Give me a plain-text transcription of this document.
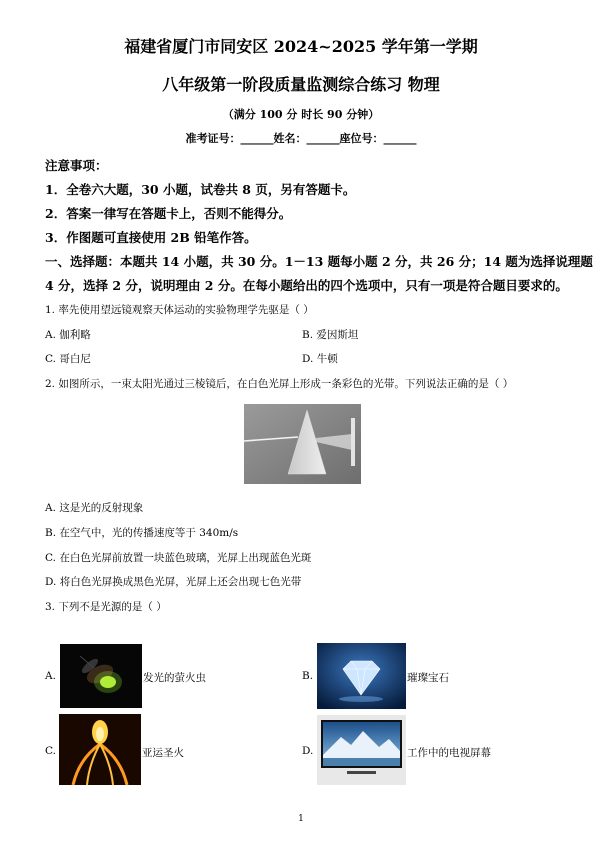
福建省厦门市同安区 2024~2025 学年第一学期
八年级第一阶段质量监测综合练习 物理
（满分 100 分 时长 90 分钟）
准考证号：______姓名：______座位号：______
注意事项：
1．全卷六大题，30 小题，试卷共 8 页，另有答题卡。
2．答案一律写在答题卡上，否则不能得分。
3．作图题可直接使用 2B 铅笔作答。
一、选择题：本题共 14 小题，共 30 分。1－13 题每小题 2 分，共 26 分；14 题为选择说理题
4 分，选择 2 分，说明理由 2 分。在每小题给出的四个选项中，只有一项是符合题目要求的。
1. 率先使用望远镜观察天体运动的实验物理学先驱是（ ）
A. 伽利略	B. 爱因斯坦
C. 哥白尼	D. 牛顿
2. 如图所示，一束太阳光通过三棱镜后，在白色光屏上形成一条彩色的光带。下列说法正确的是（ ）
A. 这是光的反射现象
B. 在空气中，光的传播速度等于 340m/s
C. 在白色光屏前放置一块蓝色玻璃，光屏上出现蓝色光斑
D. 将白色光屏换成黑色光屏，光屏上还会出现七色光带
3. 下列不是光源的是（ ）
A.	发光的萤火虫	B.	璀璨宝石
C.	亚运圣火	D.	工作中的电视屏幕
1
